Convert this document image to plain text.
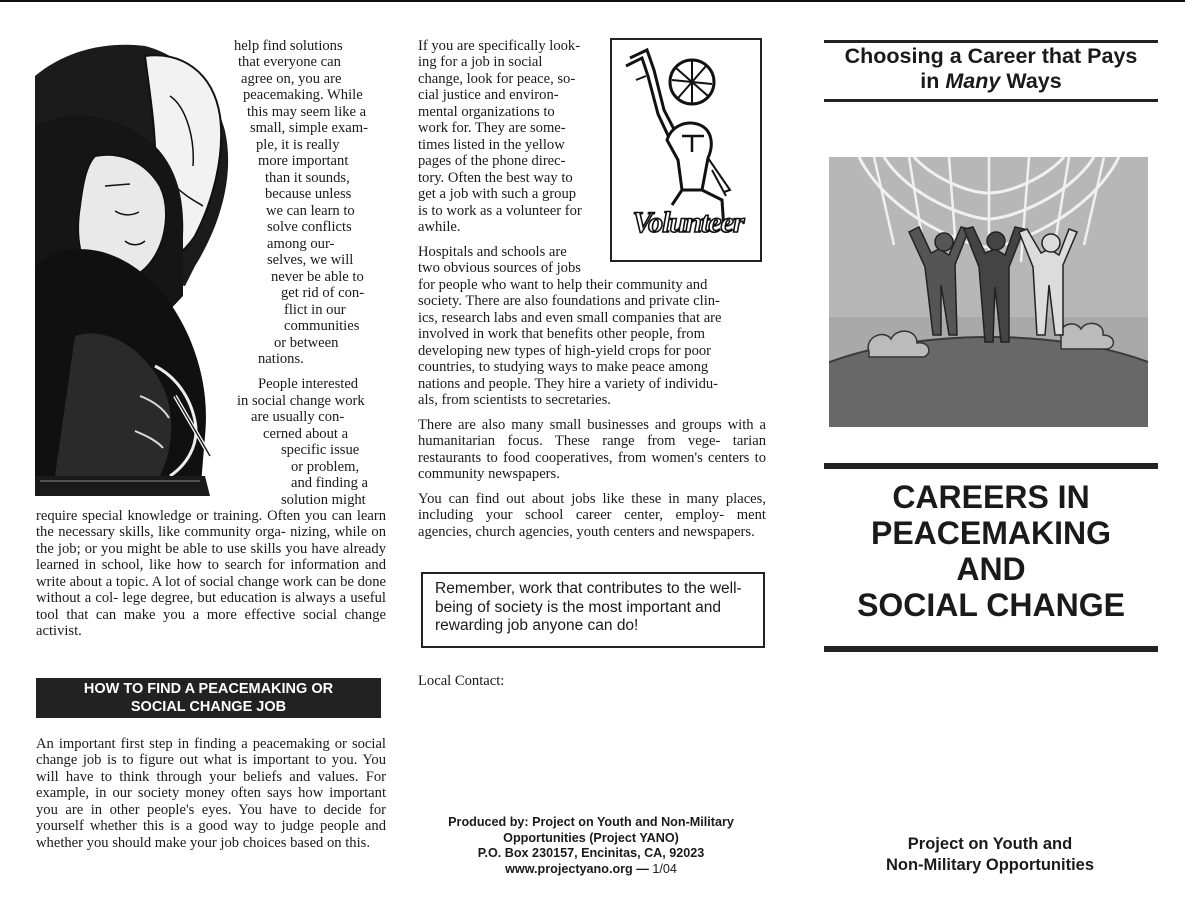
help find solutions
that everyone can
agree on, you are
peacemaking. While
this may seem like a
small, simple exam-
ple, it is really
more important
than it sounds,
because unless
we can learn to
solve conflicts
among our-
selves, we will
never be able to
get rid of con-
flict in our
communities
or between
nations.
People interested
in social change work
are usually con-
cerned about a
specific issue
or problem,
and finding a
solution might
require special knowledge or training. Often you can learn the necessary skills, like community orga- nizing, while on the job; or you might be able to use skills you have already learned in school, like how to search for information and write about a topic. A lot of social change work can be done without a col- lege degree, but education is always a useful tool that can make you a more effective social change activist.
HOW TO FIND A PEACEMAKING OR
SOCIAL CHANGE JOB
An important first step in finding a peacemaking or social change job is to figure out what is important to you. You will have to think through your beliefs and values. For example, in our society money often says how important you are in other people's eyes. You have to decide for yourself whether this is a good way to judge people and whether you should make your job choices based on this.
If you are specifically look-
ing for a job in social
change, look for peace, so-
cial justice and environ-
mental organizations to
work for. They are some-
times listed in the yellow
pages of the phone direc-
tory. Often the best way to
get a job with such a group
is to work as a volunteer for
awhile.	Volunteer
Hospitals and schools are
two obvious sources of jobs
for people who want to help their community and
society. There are also foundations and private clin-
ics, research labs and even small companies that are
involved in work that benefits other people, from
developing new types of high-yield crops for poor
countries, to studying ways to make peace among
nations and people. They hire a variety of individu-
als, from scientists to secretaries.
There are also many small businesses and groups with a humanitarian focus. These range from vege- tarian restaurants to food cooperatives, from women's centers to community newspapers.
You can find out about jobs like these in many places, including your school career center, employ- ment agencies, church agencies, youth centers and newspapers.
Remember, work that contributes to the well-being of society is the most important and rewarding job anyone can do!
Local Contact:
Produced by: Project on Youth and Non-Military
Opportunities (Project YANO)
P.O. Box 230157, Encinitas, CA, 92023
www.projectyano.org — 1/04
Choosing a Career that Pays
in Many Ways
CAREERS IN
PEACEMAKING
AND
SOCIAL CHANGE
Project on Youth and
Non-Military Opportunities
